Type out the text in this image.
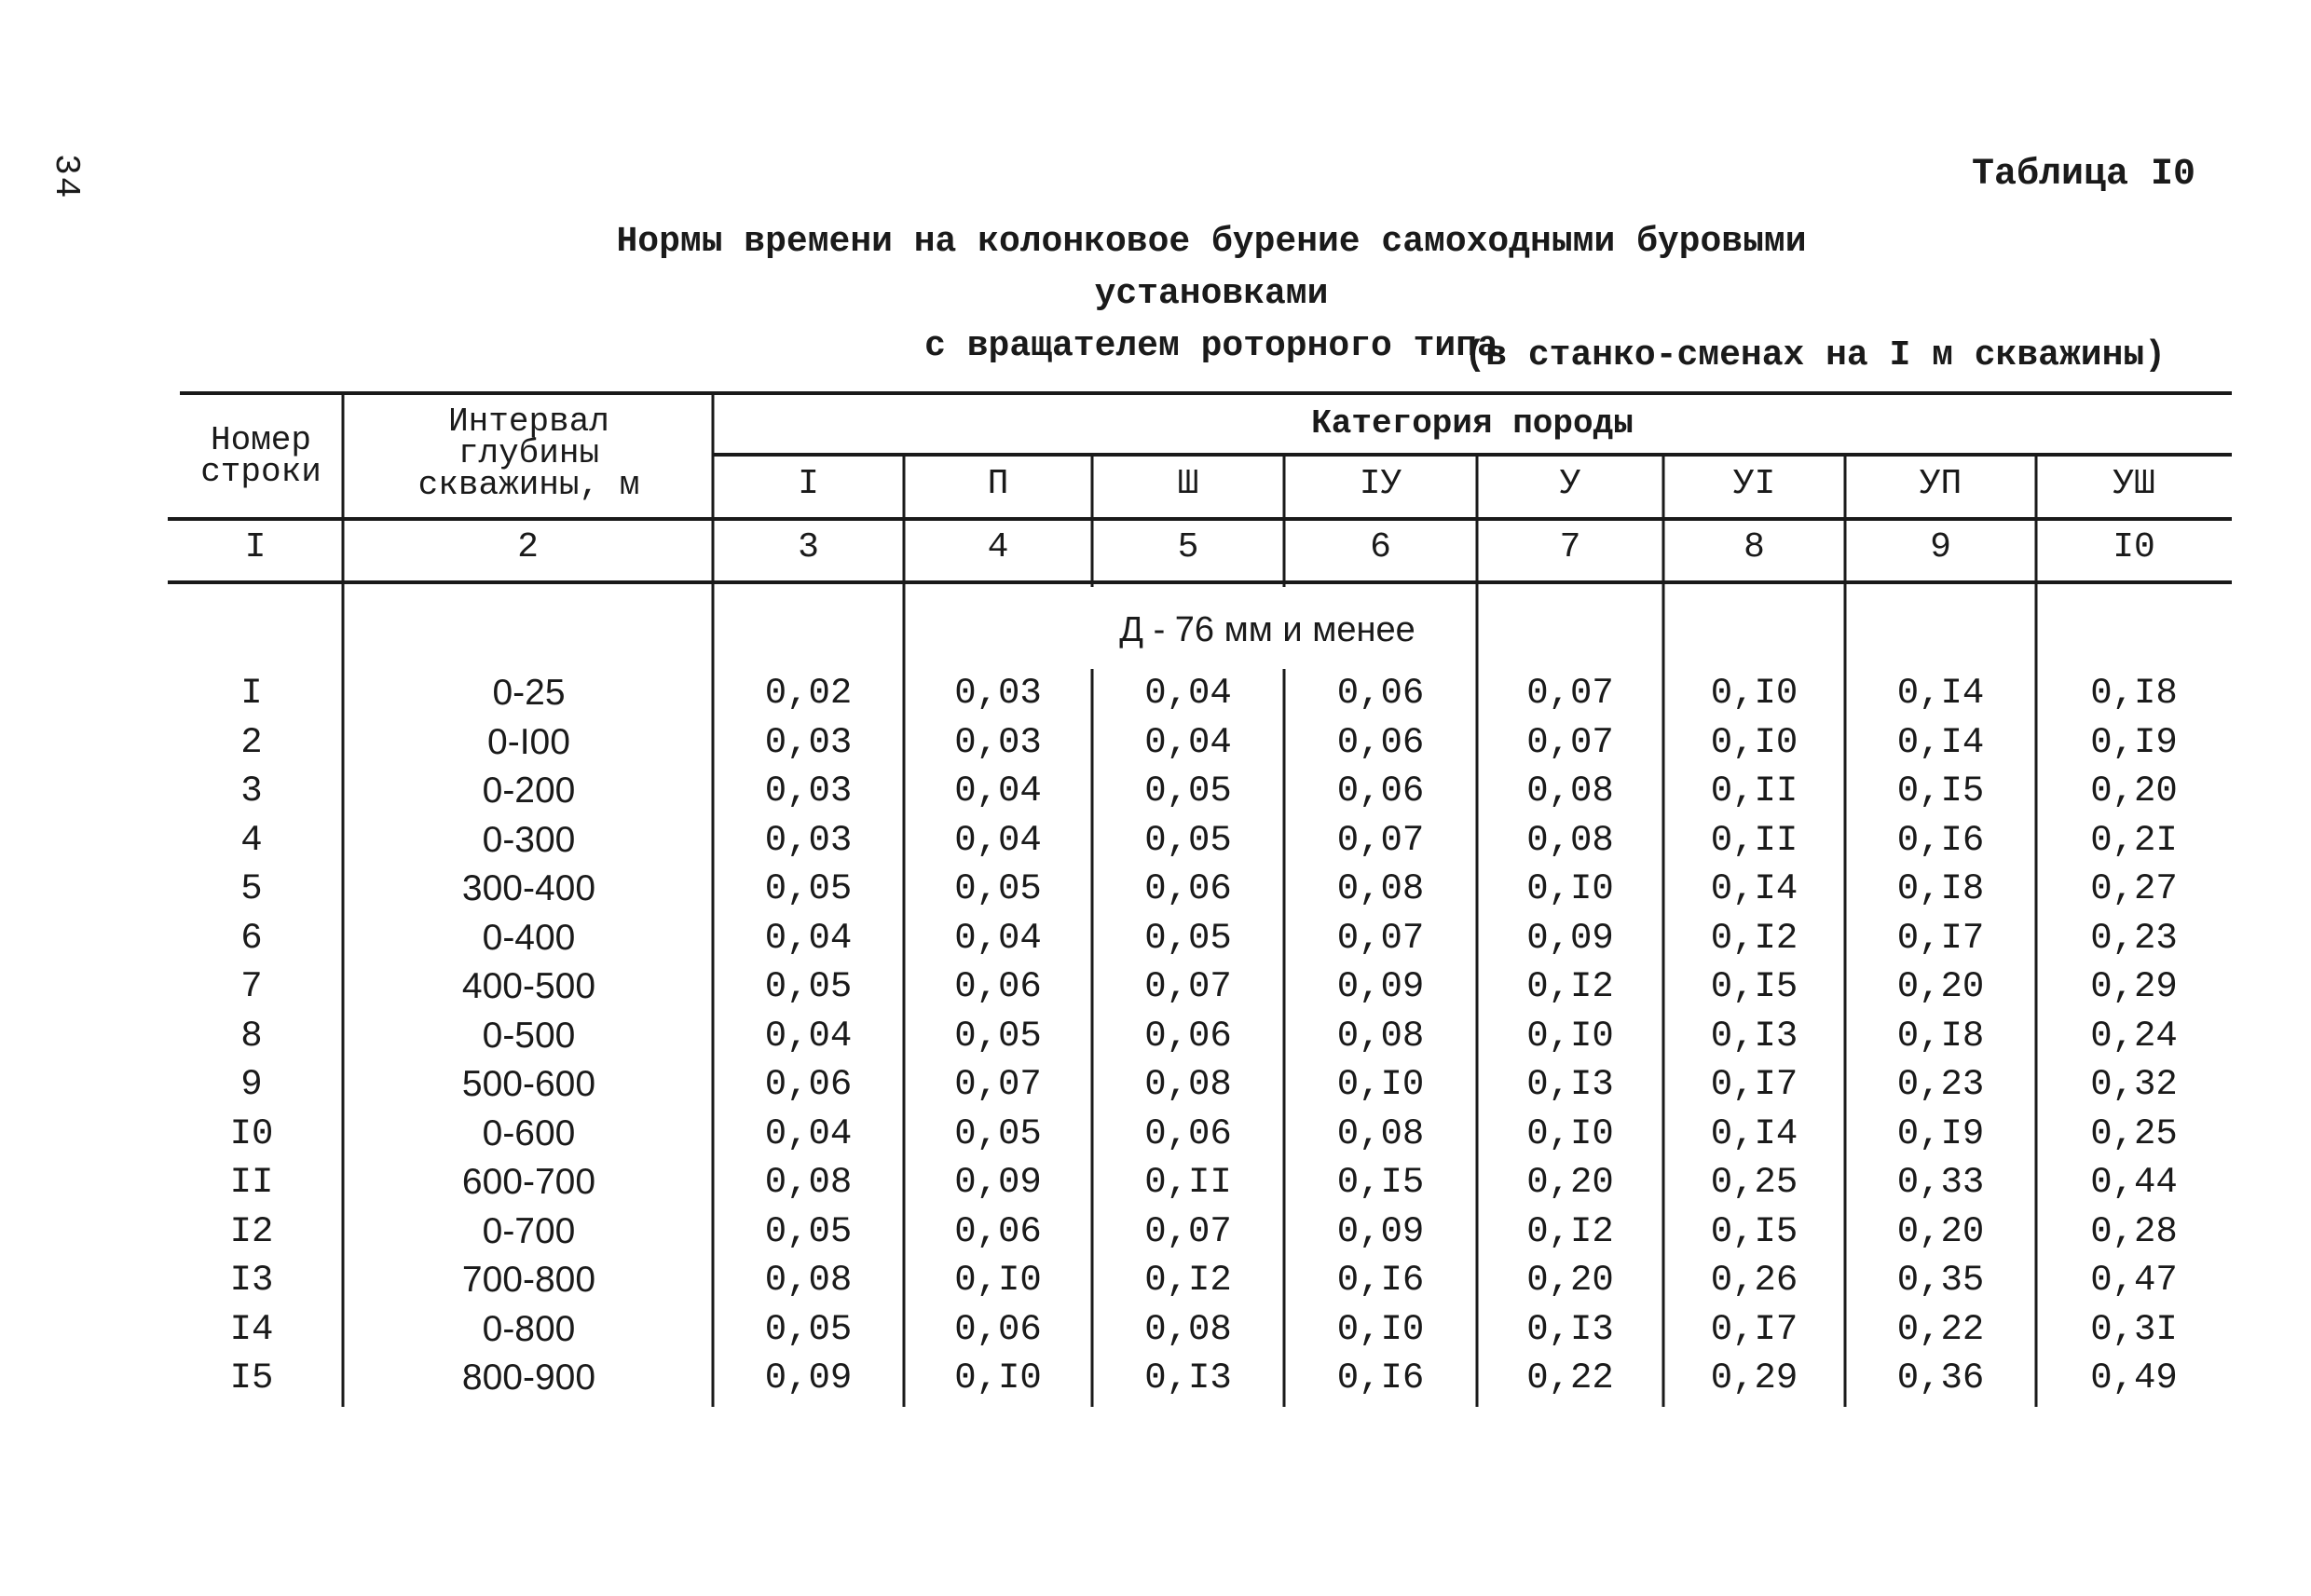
34	Таблица I0
Нормы времени на колонковое бурение самоходными буровыми установками
с вращателем роторного типа
(в станко-сменах на I м скважины)
Номер
строки
Интервал
глубины
скважины, м
Категория породы
I	П	Ш	IУ	У	УI	УП	УШ
I	2	3	4	5	6	7	8	9	I0
Д - 76 мм и менее
I	0-25	0,02	0,03	0,04	0,06	0,07	0,I0	0,I4	0,I8
2	0-I00	0,03	0,03	0,04	0,06	0,07	0,I0	0,I4	0,I9
3	0-200	0,03	0,04	0,05	0,06	0,08	0,II	0,I5	0,20
4	0-300	0,03	0,04	0,05	0,07	0,08	0,II	0,I6	0,2I
5	300-400	0,05	0,05	0,06	0,08	0,I0	0,I4	0,I8	0,27
6	0-400	0,04	0,04	0,05	0,07	0,09	0,I2	0,I7	0,23
7	400-500	0,05	0,06	0,07	0,09	0,I2	0,I5	0,20	0,29
8	0-500	0,04	0,05	0,06	0,08	0,I0	0,I3	0,I8	0,24
9	500-600	0,06	0,07	0,08	0,I0	0,I3	0,I7	0,23	0,32
I0	0-600	0,04	0,05	0,06	0,08	0,I0	0,I4	0,I9	0,25
II	600-700	0,08	0,09	0,II	0,I5	0,20	0,25	0,33	0,44
I2	0-700	0,05	0,06	0,07	0,09	0,I2	0,I5	0,20	0,28
I3	700-800	0,08	0,I0	0,I2	0,I6	0,20	0,26	0,35	0,47
I4	0-800	0,05	0,06	0,08	0,I0	0,I3	0,I7	0,22	0,3I
I5	800-900	0,09	0,I0	0,I3	0,I6	0,22	0,29	0,36	0,49
